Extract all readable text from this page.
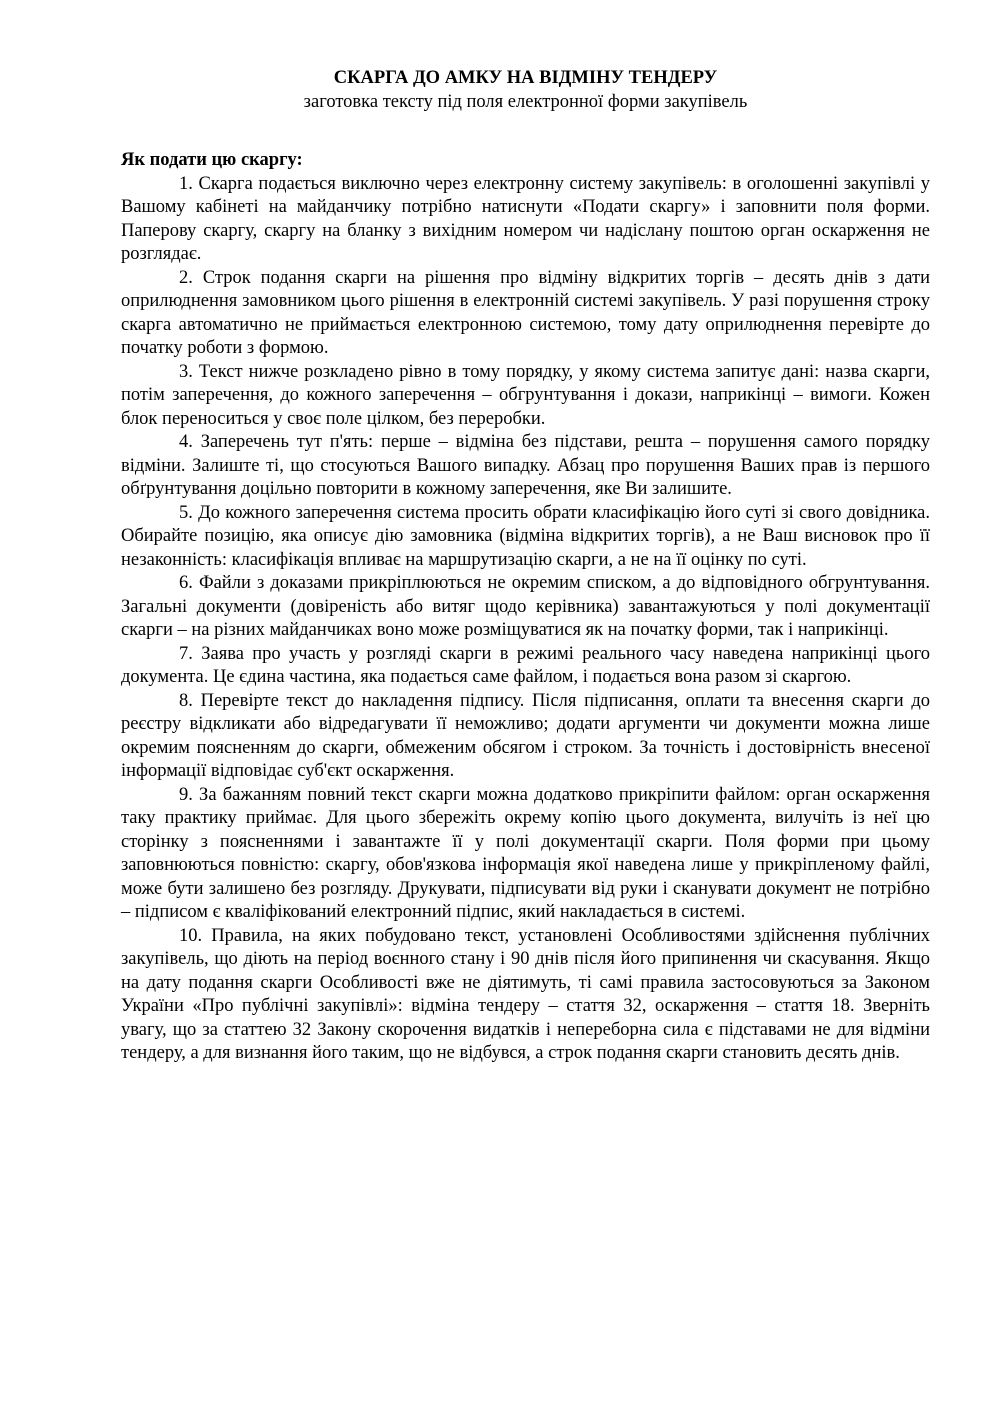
СКАРГА ДО АМКУ НА ВІДМІНУ ТЕНДЕРУ

заготовка тексту під поля електронної форми закупівель

Як подати цю скаргу:

1. Скарга подається виключно через електронну систему закупівель: в оголошенні закупівлі у Вашому кабінеті на майданчику потрібно натиснути «Подати скаргу» і заповнити поля форми. Паперову скаргу, скаргу на бланку з вихідним номером чи надіслану поштою орган оскарження не розглядає.

2. Строк подання скарги на рішення про відміну відкритих торгів – десять днів з дати оприлюднення замовником цього рішення в електронній системі закупівель. У разі порушення строку скарга автоматично не приймається електронною системою, тому дату оприлюднення перевірте до початку роботи з формою.

3. Текст нижче розкладено рівно в тому порядку, у якому система запитує дані: назва скарги, потім заперечення, до кожного заперечення – обгрунтування і докази, наприкінці – вимоги. Кожен блок переноситься у своє поле цілком, без переробки.

4. Заперечень тут п'ять: перше – відміна без підстави, решта – порушення самого порядку відміни. Залиште ті, що стосуються Вашого випадку. Абзац про порушення Ваших прав із першого обґрунтування доцільно повторити в кожному заперечення, яке Ви залишите.

5. До кожного заперечення система просить обрати класифікацію його суті зі свого довідника. Обирайте позицію, яка описує дію замовника (відміна відкритих торгів), а не Ваш висновок про її незаконність: класифікація впливає на маршрутизацію скарги, а не на її оцінку по суті.

6. Файли з доказами прикріплюються не окремим списком, а до відповідного обгрунтування. Загальні документи (довіреність або витяг щодо керівника) завантажуються у полі документації скарги – на різних майданчиках воно може розміщуватися як на початку форми, так і наприкінці.

7. Заява про участь у розгляді скарги в режимі реального часу наведена наприкінці цього документа. Це єдина частина, яка подається саме файлом, і подається вона разом зі скаргою.

8. Перевірте текст до накладення підпису. Після підписання, оплати та внесення скарги до реєстру відкликати або відредагувати її неможливо; додати аргументи чи документи можна лише окремим поясненням до скарги, обмеженим обсягом і строком. За точність і достовірність внесеної інформації відповідає суб'єкт оскарження.

9. За бажанням повний текст скарги можна додатково прикріпити файлом: орган оскарження таку практику приймає. Для цього збережіть окрему копію цього документа, вилучіть із неї цю сторінку з поясненнями і завантажте її у полі документації скарги. Поля форми при цьому заповнюються повністю: скаргу, обов'язкова інформація якої наведена лише у прикріпленому файлі, може бути залишено без розгляду. Друкувати, підписувати від руки і сканувати документ не потрібно – підписом є кваліфікований електронний підпис, який накладається в системі.

10. Правила, на яких побудовано текст, установлені Особливостями здійснення публічних закупівель, що діють на період воєнного стану і 90 днів після його припинення чи скасування. Якщо на дату подання скарги Особливості вже не діятимуть, ті самі правила застосовуються за Законом України «Про публічні закупівлі»: відміна тендеру – стаття 32, оскарження – стаття 18. Зверніть увагу, що за статтею 32 Закону скорочення видатків і непереборна сила є підставами не для відміни тендеру, а для визнання його таким, що не відбувся, а строк подання скарги становить десять днів.
